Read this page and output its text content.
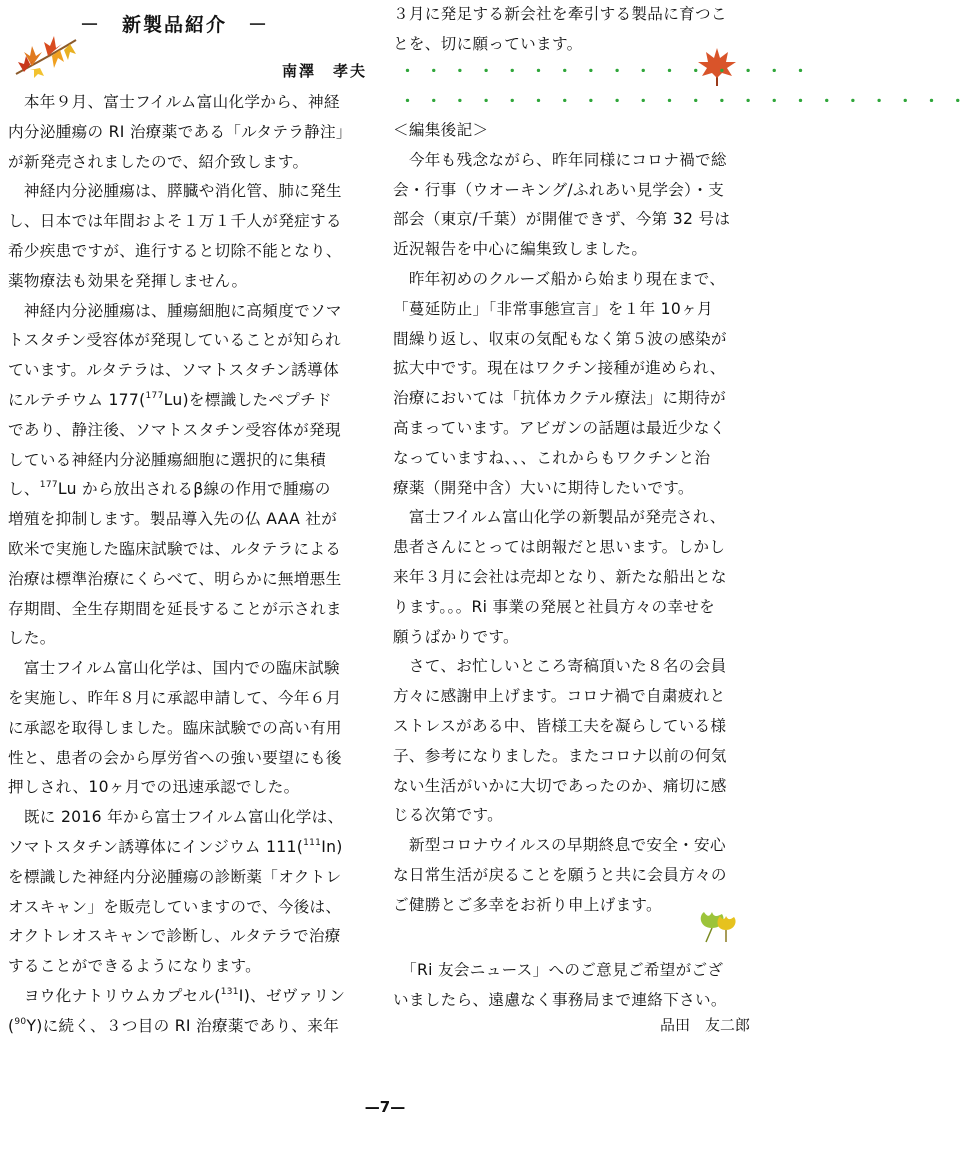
－　新製品紹介　－
南澤　孝夫
　本年９月、富士フイルム富山化学から、神経
内分泌腫瘍の RI 治療薬である「ルタテラ静注」
が新発売されましたので、紹介致します。
　神経内分泌腫瘍は、膵臓や消化管、肺に発生
し、日本では年間およそ１万１千人が発症する
希少疾患ですが、進行すると切除不能となり、
薬物療法も効果を発揮しません。
　神経内分泌腫瘍は、腫瘍細胞に高頻度でソマ
トスタチン受容体が発現していることが知られ
ています。ルタテラは、ソマトスタチン誘導体
にルテチウム 177($^{177}$Lu)を標識したペプチド
であり、静注後、ソマトスタチン受容体が発現
している神経内分泌腫瘍細胞に選択的に集積
し、$^{177}$Lu から放出されるβ線の作用で腫瘍の
増殖を抑制します。製品導入先の仏 AAA 社が
欧米で実施した臨床試験では、ルタテラによる
治療は標準治療にくらべて、明らかに無増悪生
存期間、全生存期間を延長することが示されま
した。
　富士フイルム富山化学は、国内での臨床試験
を実施し、昨年８月に承認申請して、今年６月
に承認を取得しました。臨床試験での高い有用
性と、患者の会から厚労省への強い要望にも後
押しされ、10ヶ月での迅速承認でした。
　既に 2016 年から富士フイルム富山化学は、
ソマトスタチン誘導体にインジウム 111($^{111}$In)
を標識した神経内分泌腫瘍の診断薬「オクトレ
オスキャン」を販売していますので、今後は、
オクトレオスキャンで診断し、ルタテラで治療
することができるようになります。
　ヨウ化ナトリウムカプセル($^{131}$I)、ゼヴァリン
($^{90}$Y)に続く、３つ目の RI 治療薬であり、来年
３月に発足する新会社を牽引する製品に育つこ
とを、切に願っています。
・・・・・・・・・・・・・・・・
・・・・・・・・・・・・・・・・・・・・・・
＜編集後記＞
　今年も残念ながら、昨年同様にコロナ禍で総
会・行事（ウオーキング/ふれあい見学会）・支
部会（東京/千葉）が開催できず、今第 32 号は
近況報告を中心に編集致しました。
　昨年初めのクルーズ船から始まり現在まで、
「蔓延防止」「非常事態宣言」を１年 10ヶ月
間繰り返し、収束の気配もなく第５波の感染が
拡大中です。現在はワクチン接種が進められ、
治療においては「抗体カクテル療法」に期待が
高まっています。アビガンの話題は最近少なく
なっていますね、、、これからもワクチンと治
療薬（開発中含）大いに期待したいです。
　富士フイルム富山化学の新製品が発売され、
患者さんにとっては朗報だと思います。しかし
来年３月に会社は売却となり、新たな船出とな
ります。。。Ri 事業の発展と社員方々の幸せを
願うばかりです。
　さて、お忙しいところ寄稿頂いた８名の会員
方々に感謝申上げます。コロナ禍で自粛疲れと
ストレスがある中、皆様工夫を凝らしている様
子、参考になりました。またコロナ以前の何気
ない生活がいかに大切であったのか、痛切に感
じる次第です。
　新型コロナウイルスの早期終息で安全・安心
な日常生活が戻ることを願うと共に会員方々の
ご健勝とご多幸をお祈り申上げます。
　「Ri 友会ニュース」へのご意見ご希望がござ
いましたら、遠慮なく事務局まで連絡下さい。
品田　友二郎
—7—
